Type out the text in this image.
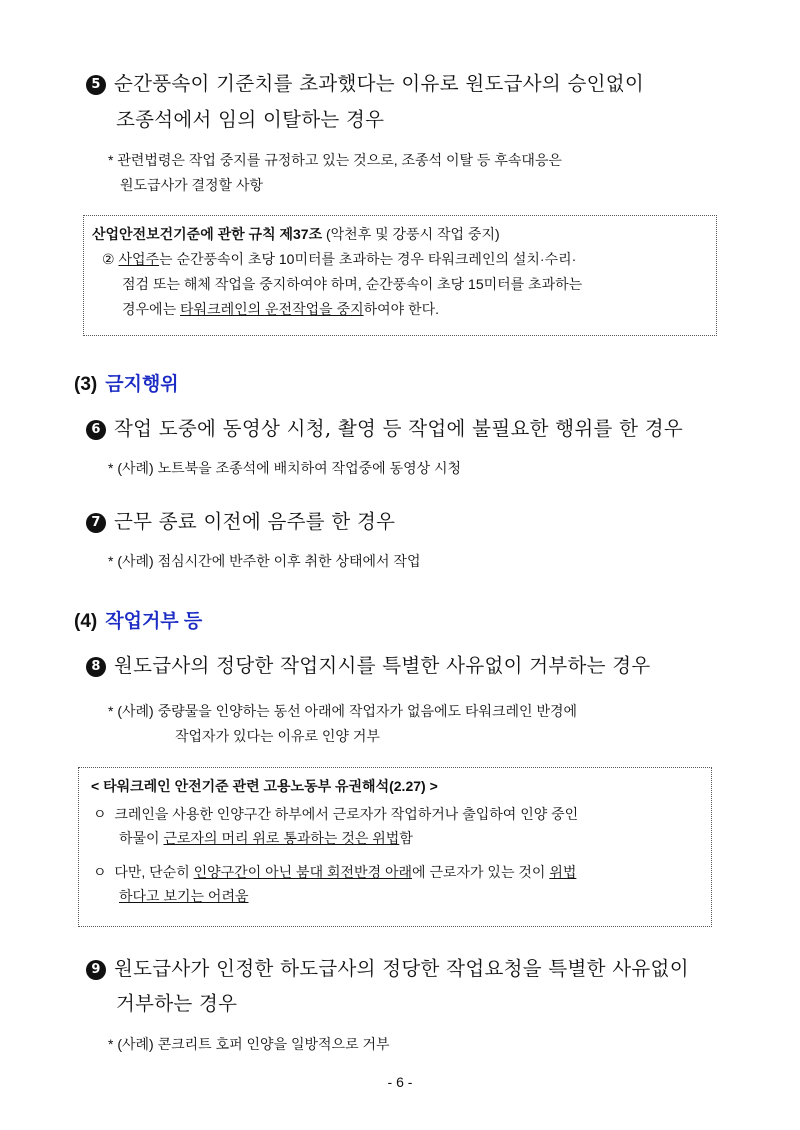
5 순간풍속이 기준치를 초과했다는 이유로 원도급사의 승인없이
조종석에서 임의 이탈하는 경우
* 관련법령은 작업 중지를 규정하고 있는 것으로, 조종석 이탈 등 후속대응은
원도급사가 결정할 사항
산업안전보건기준에 관한 규칙 제37조 (악천후 및 강풍시 작업 중지)
② 사업주는 순간풍속이 초당 10미터를 초과하는 경우 타워크레인의 설치·수리·
점검 또는 해체 작업을 중지하여야 하며, 순간풍속이 초당 15미터를 초과하는
경우에는 타워크레인의 운전작업을 중지하여야 한다.
(3) 금지행위
6 작업 도중에 동영상 시청, 촬영 등 작업에 불필요한 행위를 한 경우
* (사례) 노트북을 조종석에 배치하여 작업중에 동영상 시청
7 근무 종료 이전에 음주를 한 경우
* (사례) 점심시간에 반주한 이후 취한 상태에서 작업
(4) 작업거부 등
8 원도급사의 정당한 작업지시를 특별한 사유없이 거부하는 경우
* (사례) 중량물을 인양하는 동선 아래에 작업자가 없음에도 타워크레인 반경에
작업자가 있다는 이유로 인양 거부
< 타워크레인 안전기준 관련 고용노동부 유권해석(2.27) >
ㅇ 크레인을 사용한 인양구간 하부에서 근로자가 작업하거나 출입하여 인양 중인
하물이 근로자의 머리 위로 통과하는 것은 위법함
ㅇ 다만, 단순히 인양구간이 아닌 붐대 회전반경 아래에 근로자가 있는 것이 위법
하다고 보기는 어려움
9 원도급사가 인정한 하도급사의 정당한 작업요청을 특별한 사유없이
거부하는 경우
* (사례) 콘크리트 호퍼 인양을 일방적으로 거부
- 6 -
